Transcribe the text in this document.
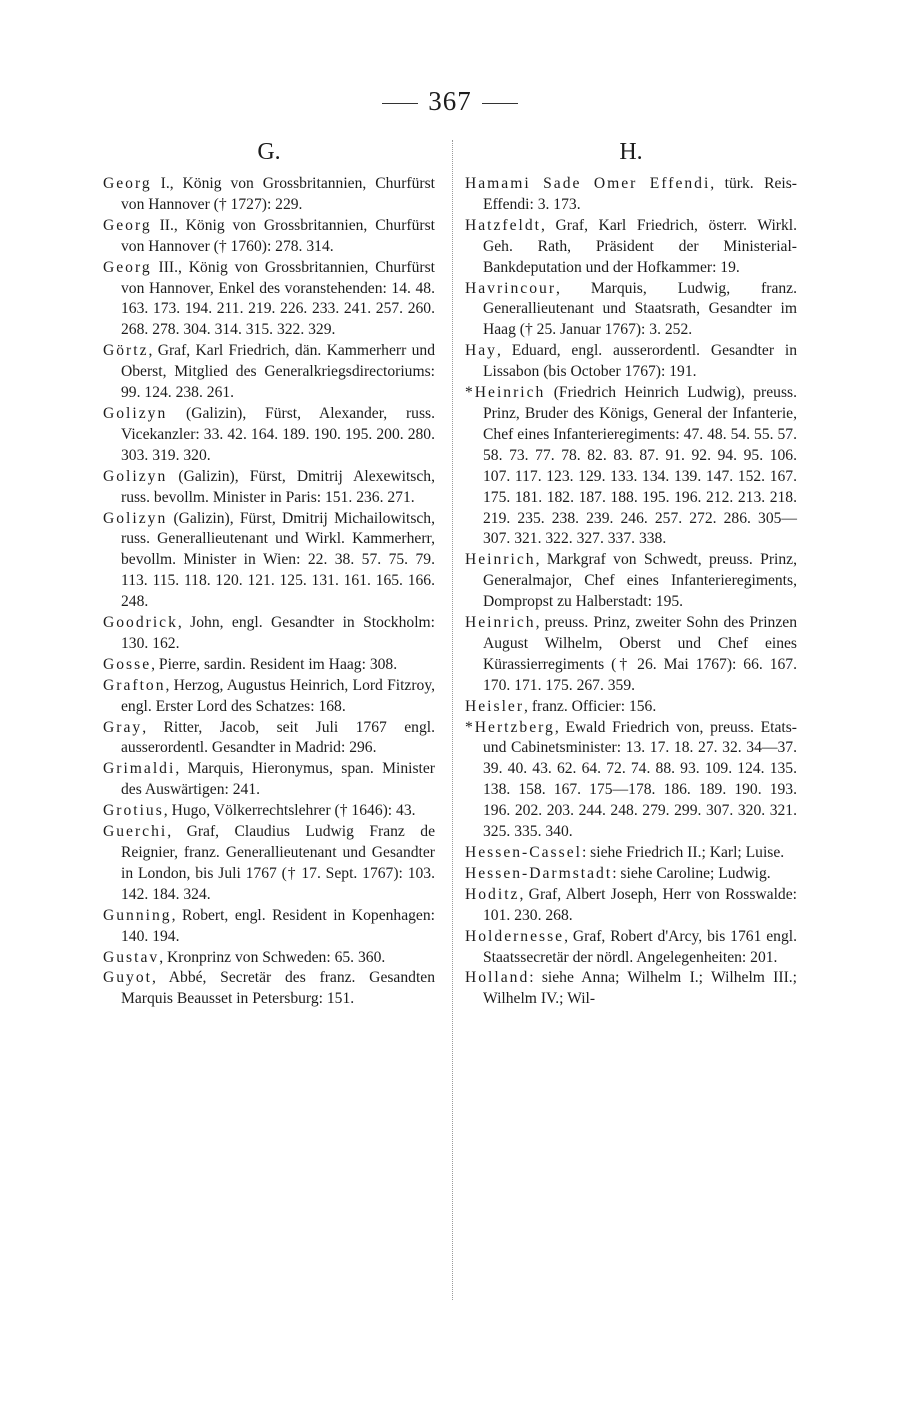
367
G.

Georg I., König von Grossbritannien, Churfürst von Hannover († 1727): 229.

Georg II., König von Grossbritannien, Churfürst von Hannover († 1760): 278. 314.

Georg III., König von Grossbritannien, Churfürst von Hannover, Enkel des voranstehenden: 14. 48. 163. 173. 194. 211. 219. 226. 233. 241. 257. 260. 268. 278. 304. 314. 315. 322. 329.

Görtz, Graf, Karl Friedrich, dän. Kammerherr und Oberst, Mitglied des Generalkriegsdirectoriums: 99. 124. 238. 261.

Golizyn (Galizin), Fürst, Alexander, russ. Vicekanzler: 33. 42. 164. 189. 190. 195. 200. 280. 303. 319. 320.

Golizyn (Galizin), Fürst, Dmitrij Alexewitsch, russ. bevollm. Minister in Paris: 151. 236. 271.

Golizyn (Galizin), Fürst, Dmitrij Michailowitsch, russ. Generallieutenant und Wirkl. Kammerherr, bevollm. Minister in Wien: 22. 38. 57. 75. 79. 113. 115. 118. 120. 121. 125. 131. 161. 165. 166. 248.

Goodrick, John, engl. Gesandter in Stockholm: 130. 162.

Gosse, Pierre, sardin. Resident im Haag: 308.

Grafton, Herzog, Augustus Heinrich, Lord Fitzroy, engl. Erster Lord des Schatzes: 168.

Gray, Ritter, Jacob, seit Juli 1767 engl. ausserordentl. Gesandter in Madrid: 296.

Grimaldi, Marquis, Hieronymus, span. Minister des Auswärtigen: 241.

Grotius, Hugo, Völkerrechtslehrer († 1646): 43.

Guerchi, Graf, Claudius Ludwig Franz de Reignier, franz. Generallieutenant und Gesandter in London, bis Juli 1767 († 17. Sept. 1767): 103. 142. 184. 324.

Gunning, Robert, engl. Resident in Kopenhagen: 140. 194.

Gustav, Kronprinz von Schweden: 65. 360.

Guyot, Abbé, Secretär des franz. Gesandten Marquis Beausset in Petersburg: 151.

H.

Hamami Sade Omer Effendi, türk. Reis-Effendi: 3. 173.

Hatzfeldt, Graf, Karl Friedrich, österr. Wirkl. Geh. Rath, Präsident der Ministerial-Bankdeputation und der Hofkammer: 19.

Havrincour, Marquis, Ludwig, franz. Generallieutenant und Staatsrath, Gesandter im Haag († 25. Januar 1767): 3. 252.

Hay, Eduard, engl. ausserordentl. Gesandter in Lissabon (bis October 1767): 191.

*Heinrich (Friedrich Heinrich Ludwig), preuss. Prinz, Bruder des Königs, General der Infanterie, Chef eines Infanterieregiments: 47. 48. 54. 55. 57. 58. 73. 77. 78. 82. 83. 87. 91. 92. 94. 95. 106. 107. 117. 123. 129. 133. 134. 139. 147. 152. 167. 175. 181. 182. 187. 188. 195. 196. 212. 213. 218. 219. 235. 238. 239. 246. 257. 272. 286. 305—307. 321. 322. 327. 337. 338.

Heinrich, Markgraf von Schwedt, preuss. Prinz, Generalmajor, Chef eines Infanterieregiments, Dompropst zu Halberstadt: 195.

Heinrich, preuss. Prinz, zweiter Sohn des Prinzen August Wilhelm, Oberst und Chef eines Kürassierregiments († 26. Mai 1767): 66. 167. 170. 171. 175. 267. 359.

Heisler, franz. Officier: 156.

*Hertzberg, Ewald Friedrich von, preuss. Etats- und Cabinetsminister: 13. 17. 18. 27. 32. 34—37. 39. 40. 43. 62. 64. 72. 74. 88. 93. 109. 124. 135. 138. 158. 167. 175—178. 186. 189. 190. 193. 196. 202. 203. 244. 248. 279. 299. 307. 320. 321. 325. 335. 340.

Hessen-Cassel: siehe Friedrich II.; Karl; Luise.

Hessen-Darmstadt: siehe Caroline; Ludwig.

Hoditz, Graf, Albert Joseph, Herr von Rosswalde: 101. 230. 268.

Holdernesse, Graf, Robert d'Arcy, bis 1761 engl. Staatssecretär der nördl. Angelegenheiten: 201.

Holland: siehe Anna; Wilhelm I.; Wilhelm III.; Wilhelm IV.; Wil-
